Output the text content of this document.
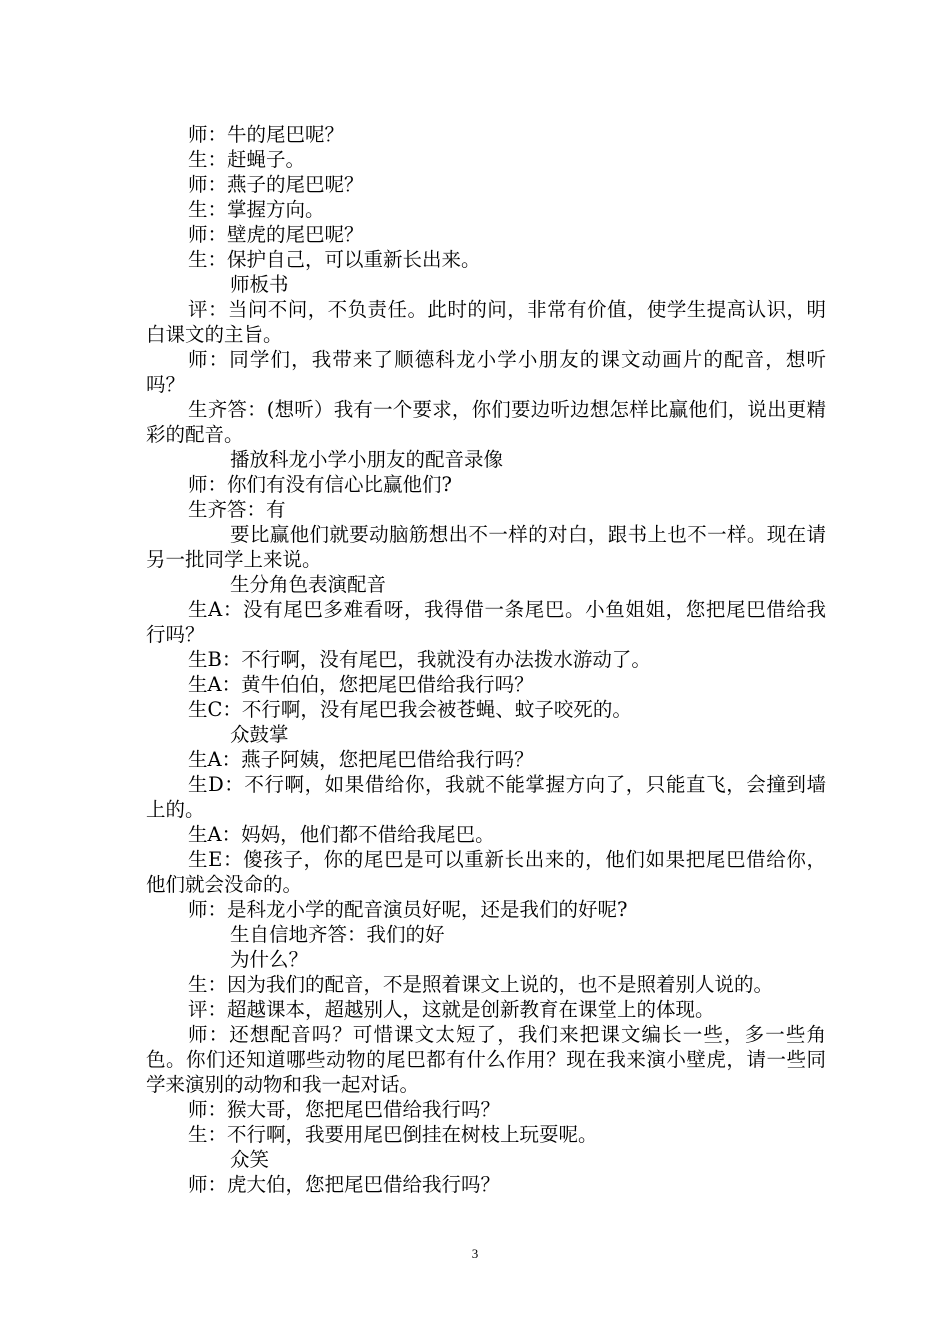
师：牛的尾巴呢？

生：赶蝇子。

师：燕子的尾巴呢？

生：掌握方向。

师：壁虎的尾巴呢？

生：保护自己，可以重新长出来。

师板书

评：当问不问，不负责任。此时的问，非常有价值，使学生提高认识，明白课文的主旨。

师：同学们，我带来了顺德科龙小学小朋友的课文动画片的配音，想听吗？

生齐答：(想听）我有一个要求，你们要边听边想怎样比赢他们，说出更精彩的配音。

播放科龙小学小朋友的配音录像

师：你们有没有信心比赢他们?

生齐答：有

要比赢他们就要动脑筋想出不一样的对白，跟书上也不一样。现在请另一批同学上来说。

生分角色表演配音

生A：没有尾巴多难看呀，我得借一条尾巴。小鱼姐姐，您把尾巴借给我行吗？

生B：不行啊，没有尾巴，我就没有办法拨水游动了。

生A：黄牛伯伯，您把尾巴借给我行吗？

生C：不行啊，没有尾巴我会被苍蝇、蚊子咬死的。

众鼓掌

生A：燕子阿姨，您把尾巴借给我行吗？

生D：不行啊，如果借给你，我就不能掌握方向了，只能直飞，会撞到墙上的。

生A：妈妈，他们都不借给我尾巴。

生E：傻孩子，你的尾巴是可以重新长出来的，他们如果把尾巴借给你，他们就会没命的。

师：是科龙小学的配音演员好呢，还是我们的好呢?

生自信地齐答：我们的好

为什么？

生：因为我们的配音，不是照着课文上说的，也不是照着别人说的。

评：超越课本，超越别人，这就是创新教育在课堂上的体现。

师：还想配音吗？可惜课文太短了，我们来把课文编长一些，多一些角色。你们还知道哪些动物的尾巴都有什么作用？现在我来演小壁虎，请一些同学来演别的动物和我一起对话。

师：猴大哥，您把尾巴借给我行吗？

生：不行啊，我要用尾巴倒挂在树枝上玩耍呢。

众笑

师：虎大伯，您把尾巴借给我行吗？

3
